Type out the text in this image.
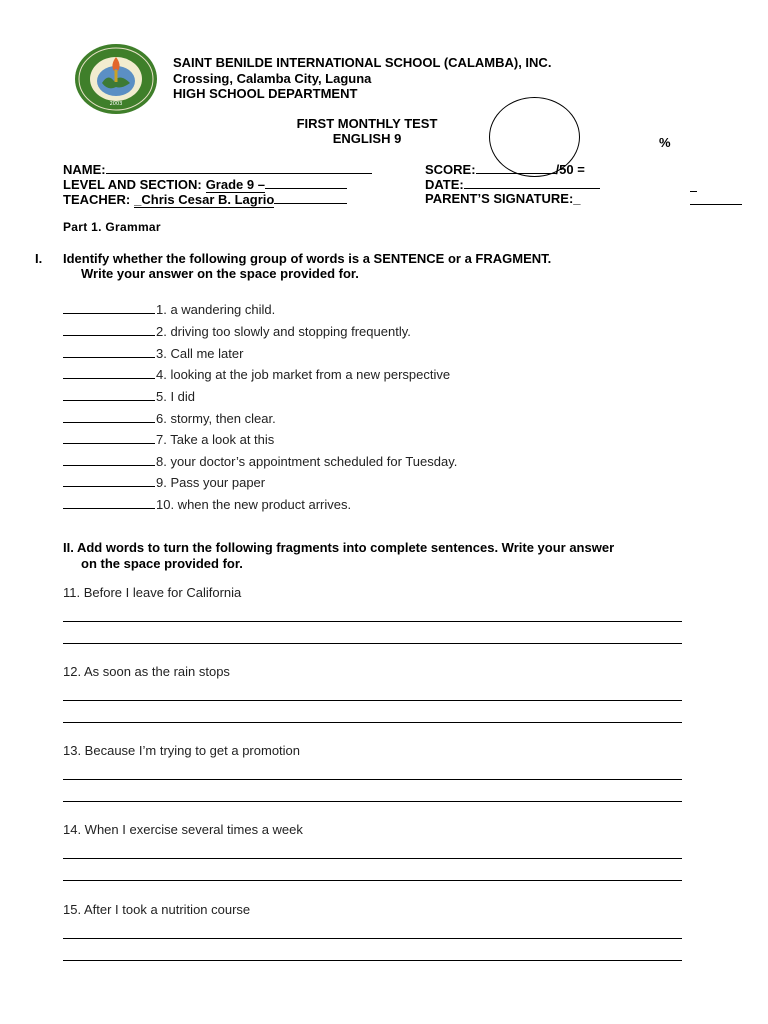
2003
SAINT BENILDE INTERNATIONAL SCHOOL (CALAMBA), INC.
Crossing, Calamba City, Laguna
HIGH SCHOOL DEPARTMENT
FIRST MONTHLY TEST
ENGLISH 9	%
NAME:
LEVEL AND SECTION: Grade 9 –
TEACHER: _Chris Cesar B. Lagrio
SCORE:	/50 =
DATE:
PARENT’S SIGNATURE:_
Part 1. Grammar
I. Identify whether the following group of words is a SENTENCE or a FRAGMENT.
Write your answer on the space provided for.
1. a wandering child.
2. driving too slowly and stopping frequently.
3. Call me later
4. looking at the job market from a new perspective
5. I did
6. stormy, then clear.
7. Take a look at this
8. your doctor’s appointment scheduled for Tuesday.
9. Pass your paper
10. when the new product arrives.
II. Add words to turn the following fragments into complete sentences. Write your answer
on the space provided for.
11. Before I leave for California
12. As soon as the rain stops
13. Because I’m trying to get a promotion
14. When I exercise several times a week
15. After I took a nutrition course
